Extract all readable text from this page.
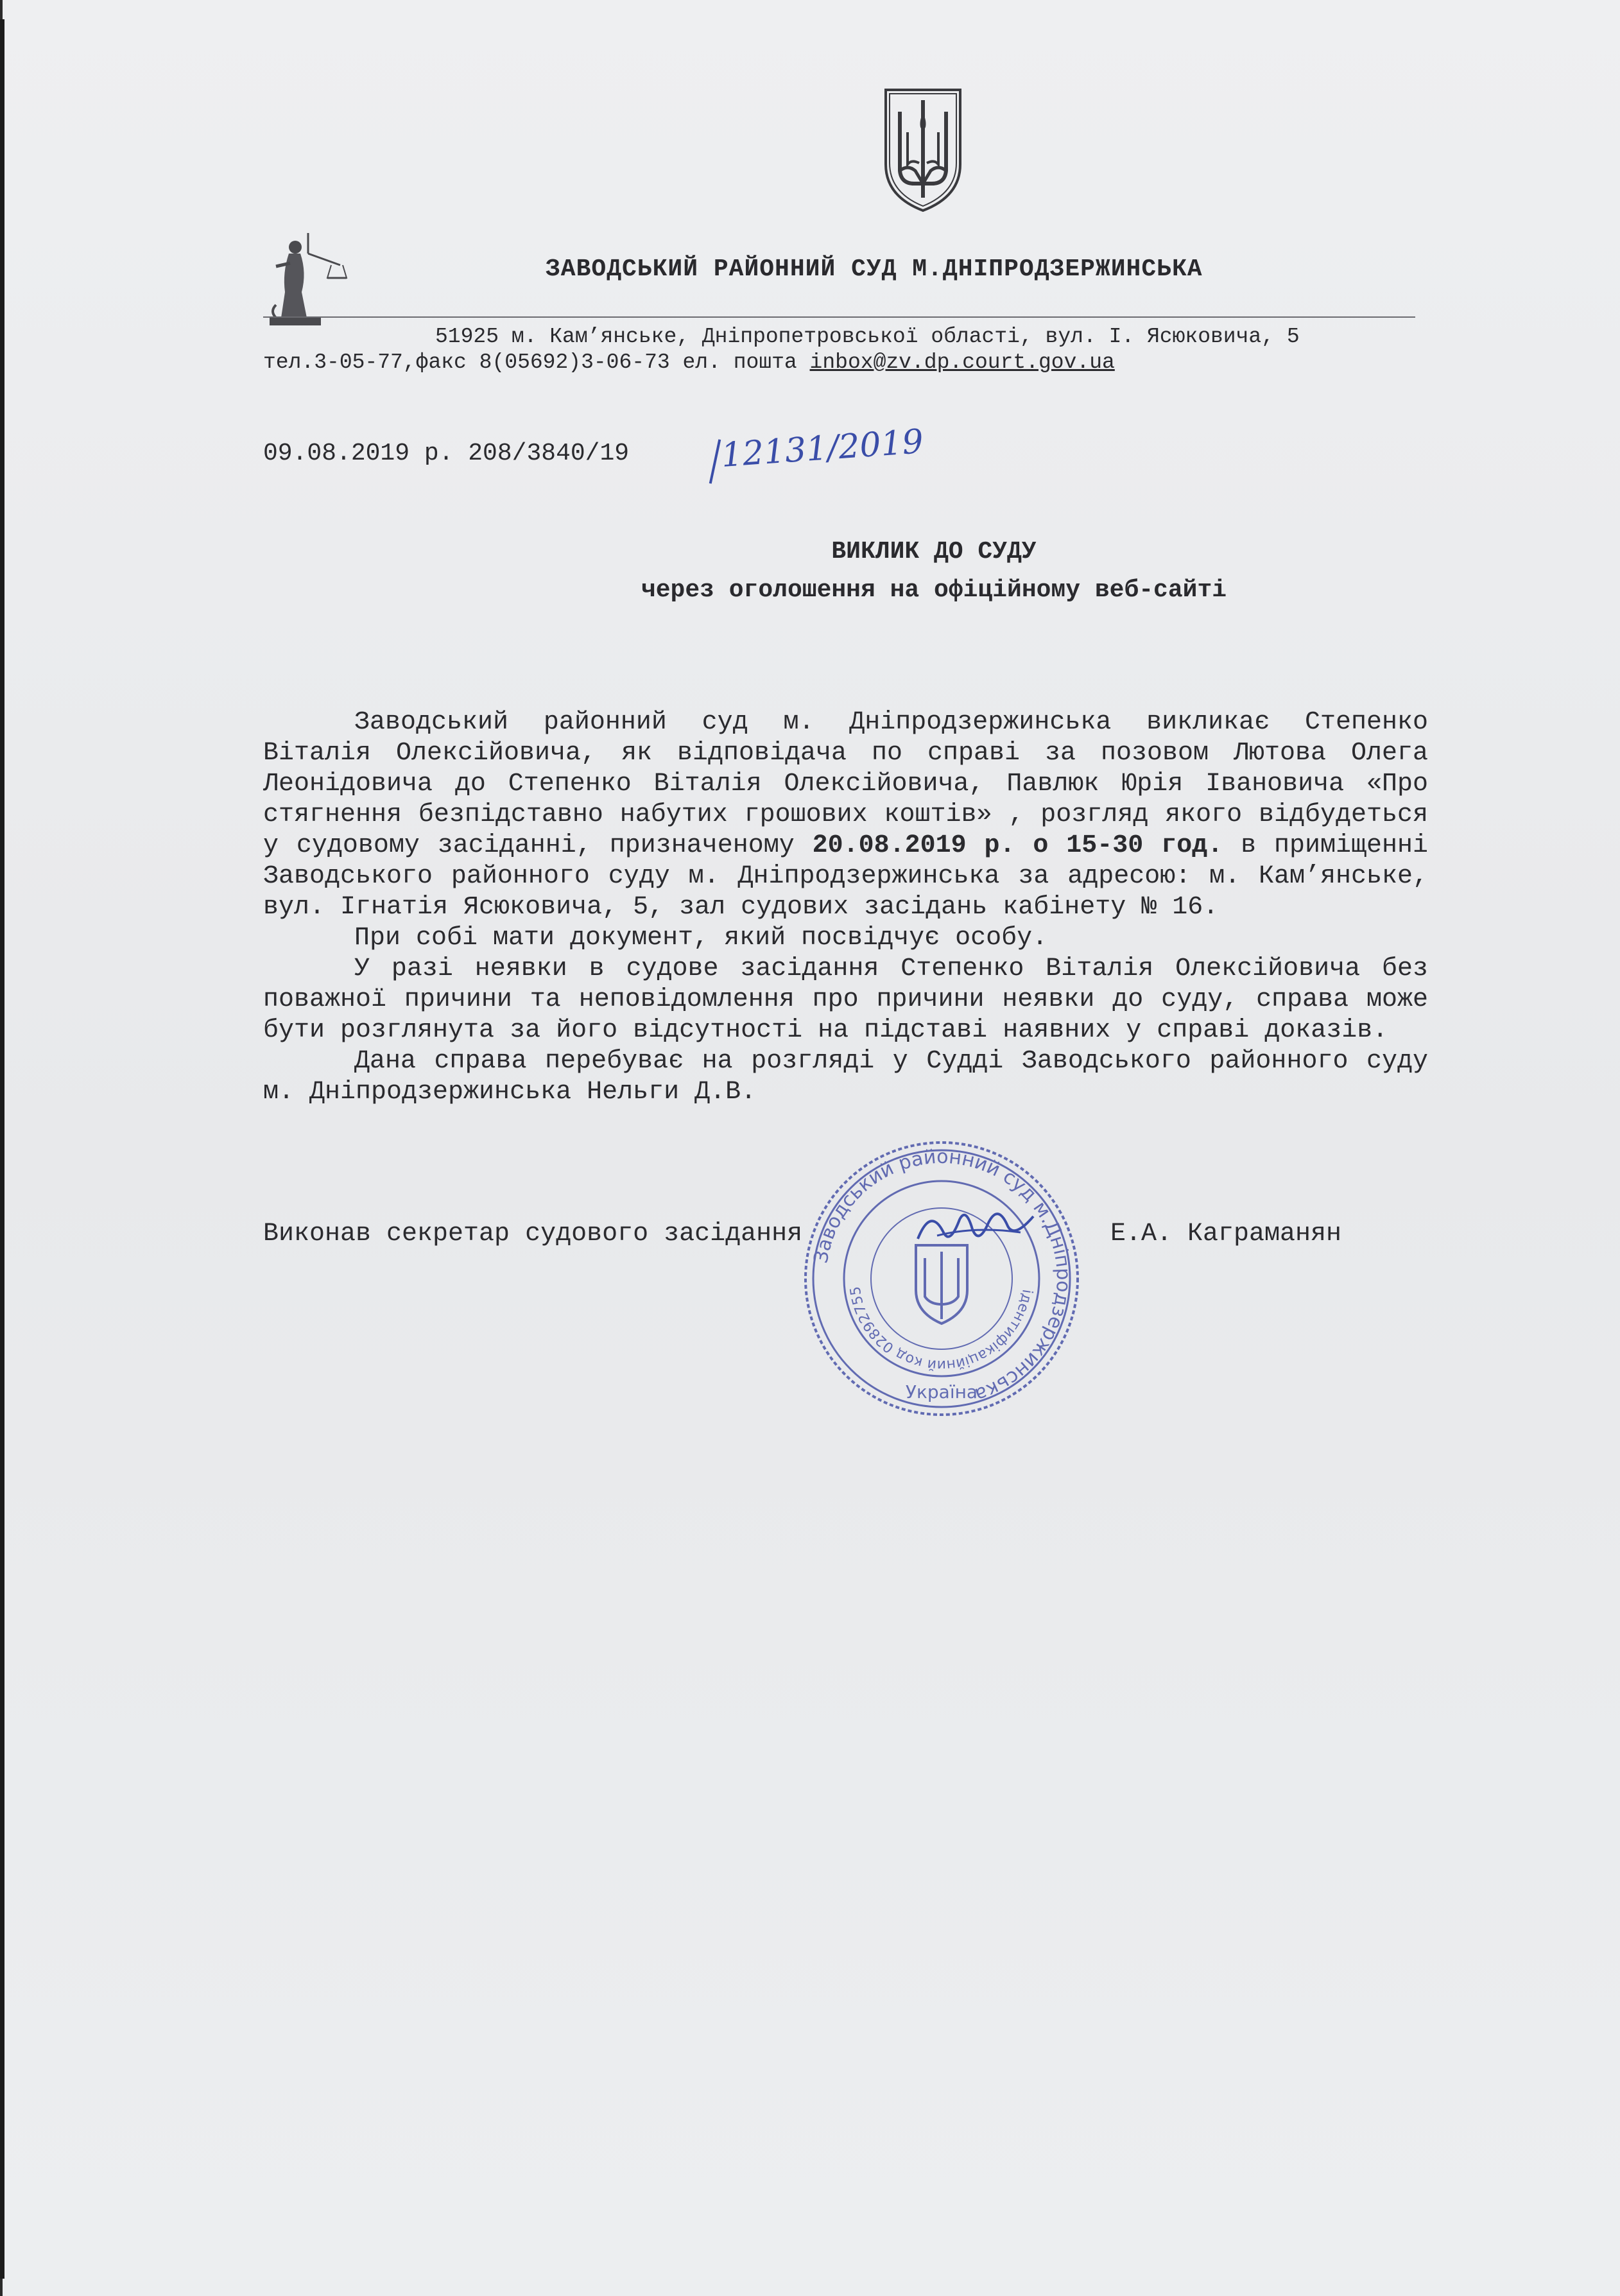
ЗАВОДСЬКИЙ РАЙОННИЙ СУД М.ДНІПРОДЗЕРЖИНСЬКА
51925 м. Кам’янське, Дніпропетровської області, вул. І. Ясюковича, 5
тел.3-05-77,факс 8(05692)3-06-73 ел. пошта inbox@zv.dp.court.gov.ua
09.08.2019 р. 208/3840/19	12131/2019
ВИКЛИК ДО СУДУ
через оголошення на офіційному веб-сайті

Заводський районний суд м. Дніпродзержинська викликає Степенко Віталія Олексійовича, як відповідача по справі за позовом Лютова Олега Леонідовича до Степенко Віталія Олексійовича, Павлюк Юрія Івановича «Про стягнення безпідставно набутих грошових коштів» , розгляд якого відбудеться у судовому засіданні, призначеному 20.08.2019 р. о 15-30 год. в приміщенні Заводського районного суду м. Дніпродзержинська за адресою: м. Кам’янське, вул. Ігнатія Ясюковича, 5, зал судових засідань кабінету № 16.

При собі мати документ, який посвідчує особу.

У разі неявки в судове засідання Степенко Віталія Олексійовича без поважної причини та неповідомлення про причини неявки до суду, справа може бути розглянута за його відсутності на підставі наявних у справі доказів.

Дана справа перебуває на розгляді у Судді Заводського районного суду м. Дніпродзержинська Нельги Д.В.

Виконав секретар судового засідання	Е.А. Каграманян
Заводський районний суд м.Дніпродзержинська
ідентифікаційний код 02892755
Україна
